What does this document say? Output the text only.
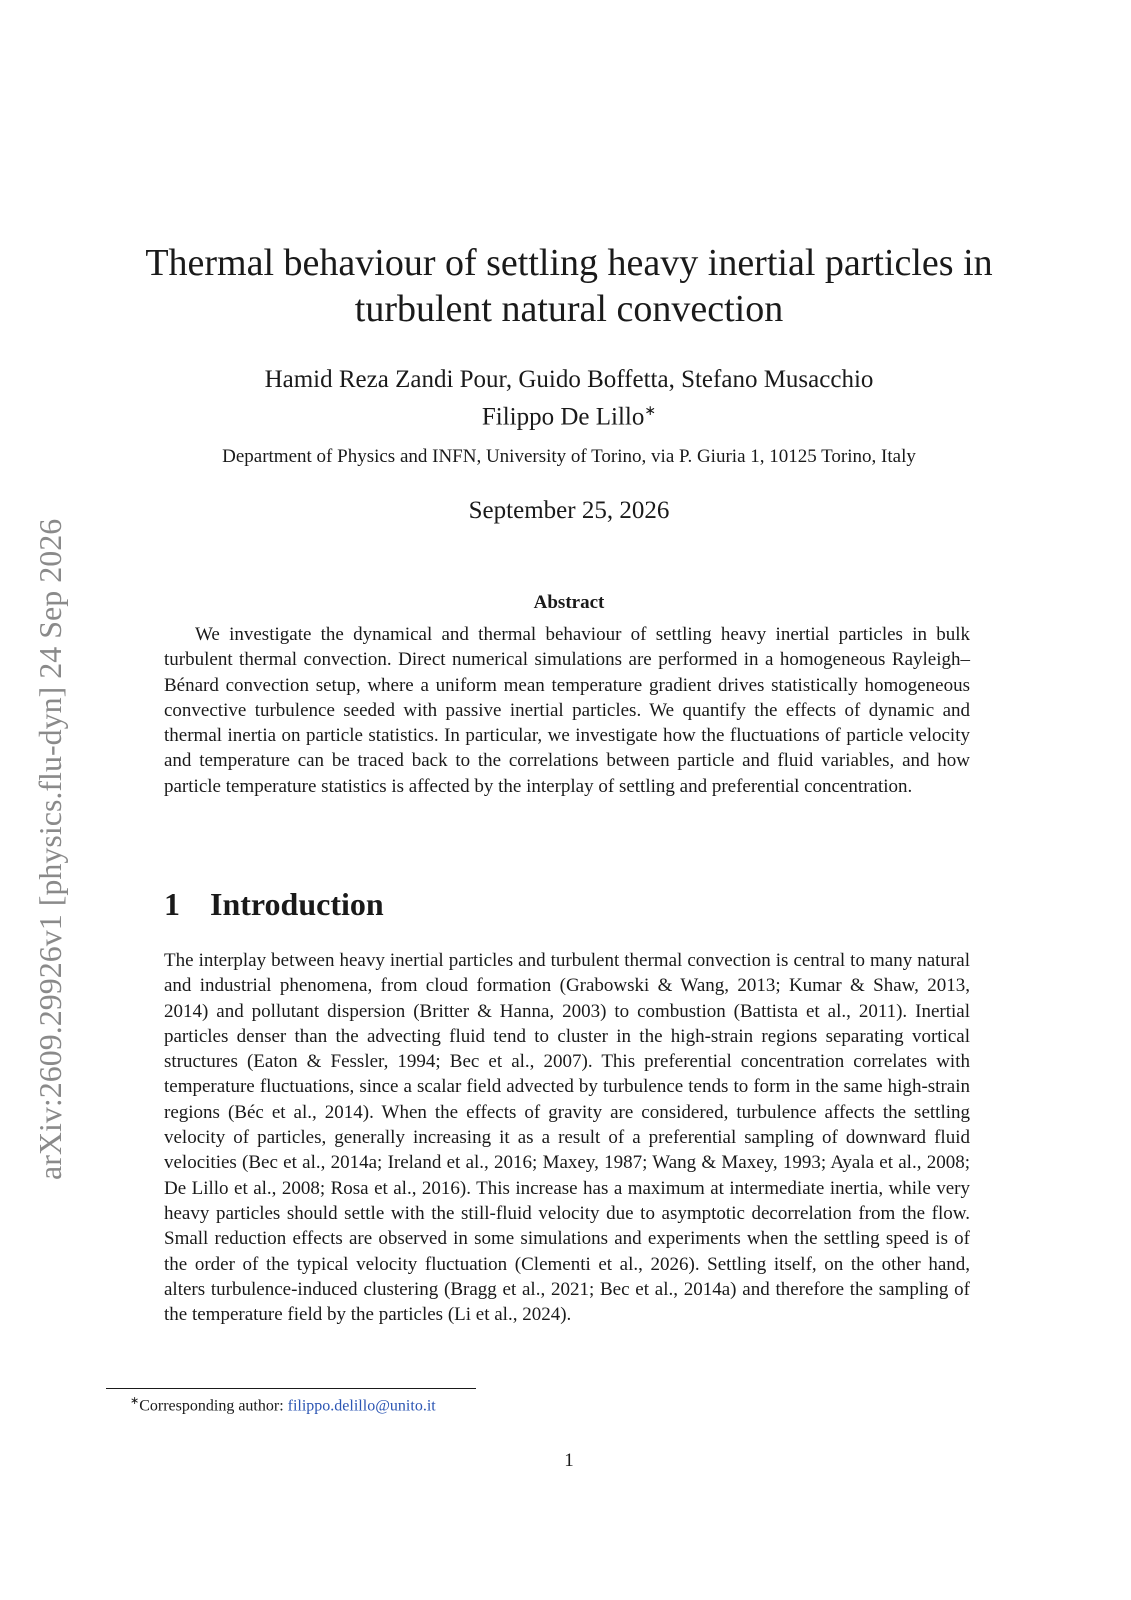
arXiv:2609.29926v1 [physics.flu-dyn] 24 Sep 2026
Thermal behaviour of settling heavy inertial particles in
turbulent natural convection
Hamid Reza Zandi Pour, Guido Boffetta, Stefano Musacchio
Filippo De Lillo∗
Department of Physics and INFN, University of Torino, via P. Giuria 1, 10125 Torino, Italy
September 25, 2026
Abstract

We investigate the dynamical and thermal behaviour of settling heavy inertial particles in bulk turbulent thermal convection. Direct numerical simulations are performed in a homogeneous Rayleigh–Bénard convection setup, where a uniform mean temperature gradient drives statistically homogeneous convective turbulence seeded with passive inertial particles. We quantify the effects of dynamic and thermal inertia on particle statistics. In particular, we investigate how the fluctuations of particle velocity and temperature can be traced back to the correlations between particle and fluid variables, and how particle temperature statistics is affected by the interplay of settling and preferential concentration.

1 Introduction

The interplay between heavy inertial particles and turbulent thermal convection is central to many natural and industrial phenomena, from cloud formation (Grabowski & Wang, 2013; Kumar & Shaw, 2013, 2014) and pollutant dispersion (Britter & Hanna, 2003) to combustion (Battista et al., 2011). Inertial particles denser than the advecting fluid tend to cluster in the high-strain regions separating vortical structures (Eaton & Fessler, 1994; Bec et al., 2007). This preferential concentration correlates with temperature fluctuations, since a scalar field advected by turbulence tends to form in the same high-strain regions (Béc et al., 2014). When the effects of gravity are considered, turbulence affects the settling velocity of particles, generally increasing it as a result of a preferential sampling of downward fluid velocities (Bec et al., 2014a; Ireland et al., 2016; Maxey, 1987; Wang & Maxey, 1993; Ayala et al., 2008; De Lillo et al., 2008; Rosa et al., 2016). This increase has a maximum at intermediate inertia, while very heavy particles should settle with the still-fluid velocity due to asymptotic decorrelation from the flow. Small reduction effects are observed in some simulations and experiments when the settling speed is of the order of the typical velocity fluctuation (Clementi et al., 2026). Settling itself, on the other hand, alters turbulence-induced clustering (Bragg et al., 2021; Bec et al., 2014a) and therefore the sampling of the temperature field by the particles (Li et al., 2024).

∗Corresponding author: filippo.delillo@unito.it
1
